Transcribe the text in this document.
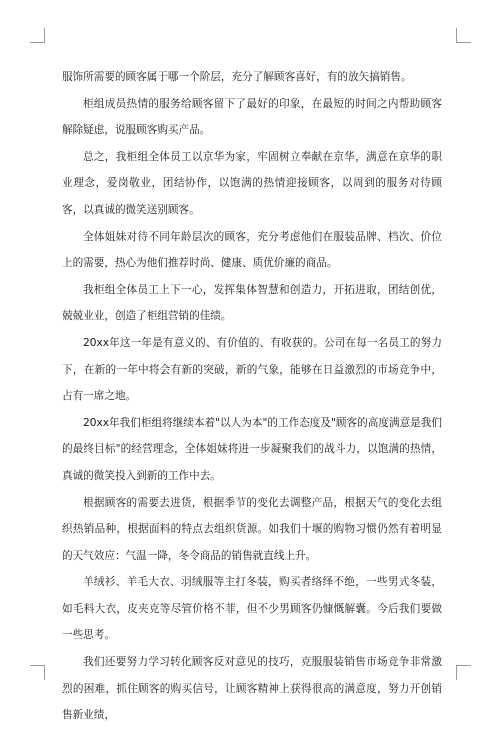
服饰所需要的顾客属于哪一个阶层，充分了解顾客喜好，有的放矢搞销售。

柜组成员热情的服务给顾客留下了最好的印象，在最短的时间之内帮助顾客解除疑虑，说服顾客购买产品。

总之，我柜组全体员工以京华为家，牢固树立奉献在京华，满意在京华的职业理念，爱岗敬业，团结协作，以饱满的热情迎接顾客，以周到的服务对待顾客，以真诚的微笑送别顾客。

全体姐妹对待不同年龄层次的顾客，充分考虑他们在服装品牌、档次、价位上的需要，热心为他们推荐时尚、健康、质优价廉的商品。

我柜组全体员工上下一心，发挥集体智慧和创造力，开拓进取，团结创优，兢兢业业，创造了柜组营销的佳绩。

20xx年这一年是有意义的、有价值的、有收获的。公司在每一名员工的努力下，在新的一年中将会有新的突破，新的气象，能够在日益激烈的市场竞争中，占有一席之地。

20xx年我们柜组将继续本着"以人为本"的工作态度及"顾客的高度满意是我们的最终目标"的经营理念，全体姐妹将进一步凝聚我们的战斗力，以饱满的热情，真诚的微笑投入到新的工作中去。

根据顾客的需要去进货，根据季节的变化去调整产品，根据天气的变化去组织热销品种，根据面料的特点去组织货源。如我们十堰的购物习惯仍然有着明显的天气效应：气温一降，冬令商品的销售就直线上升。

羊绒衫、羊毛大衣、羽绒服等主打冬装，购买者络绎不绝，一些男式冬装，如毛料大衣，皮夹克等尽管价格不菲，但不少男顾客仍慷慨解囊。今后我们要做一些思考。

我们还要努力学习转化顾客反对意见的技巧，克服服装销售市场竞争非常激烈的困难，抓住顾客的购买信号，让顾客精神上获得很高的满意度，努力开创销售新业绩，
